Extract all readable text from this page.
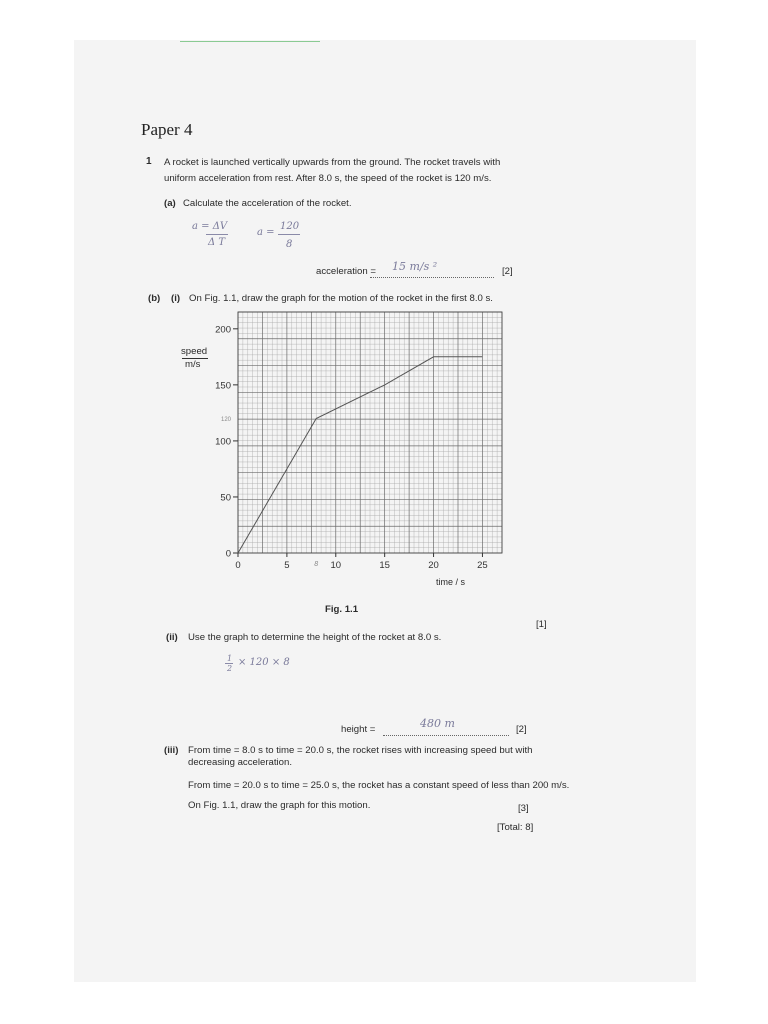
Paper 4
1 A rocket is launched vertically upwards from the ground. The rocket travels with uniform acceleration from rest. After 8.0 s, the speed of the rocket is 120 m/s.
(a) Calculate the acceleration of the rocket.
a = ΔV
Δ T
a =
120
8
acceleration = 15 m/s ²	[2]
(b) (i) On Fig. 1.1, draw the graph for the motion of the rocket in the first 8.0 s.
0
50
100
150
200
0	5	10	15	20	25
8
120
speed
m/s
time / s
Fig. 1.1
[1]
(ii) Use the graph to determine the height of the rocket at 8.0 s.
1
2
× 120 × 8
height =	480 m	[2]
(iii) From time = 8.0 s to time = 20.0 s, the rocket rises with increasing speed but with decreasing acceleration.
From time = 20.0 s to time = 25.0 s, the rocket has a constant speed of less than 200 m/s.
On Fig. 1.1, draw the graph for this motion.	[3]
[Total: 8]
